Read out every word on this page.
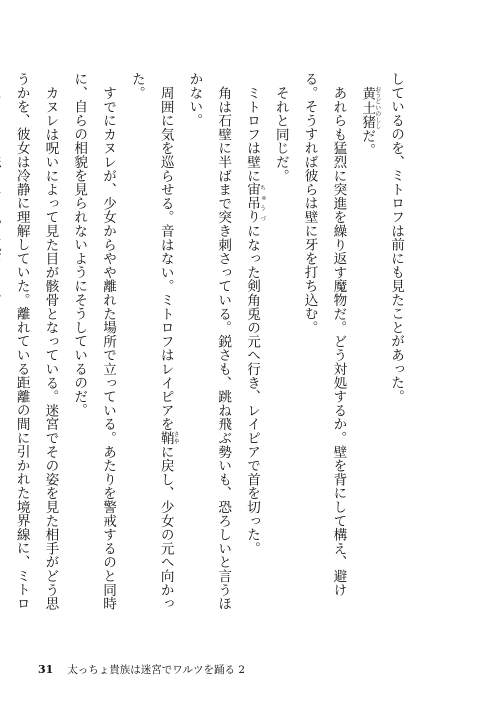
しているのを、ミトロフは前にも見たことがあった。

黄土猪おうどいのししだ。

あれらも猛烈に突進を繰り返す魔物だ。どう対処するか。壁を背にして構え、避ける。そうすれば彼らは壁に牙を打ち込む。

それと同じだ。

ミトロフは壁に宙吊りちゅうづになった剣角兎の元へ行き、レイピアで首を切った。

角は石壁に半ばまで突き刺さっている。鋭さも、跳ね飛ぶ勢いも、恐ろしいと言うほかない。

周囲に気を巡らせる。音はない。ミトロフはレイピアを鞘さやに戻し、少女の元へ向かった。

すでにカヌレが、少女からやや離れた場所で立っている。あたりを警戒するのと同時に、自らの相貌を見られないようにそうしているのだ。

カヌレは呪いによって見た目が骸骨となっている。迷宮でその姿を見た相手がどう思うかを、彼女は冷静に理解していた。離れている距離の間に引かれた境界線に、ミトロ

31 太っちょ貴族は迷宮でワルツを踊る 2
